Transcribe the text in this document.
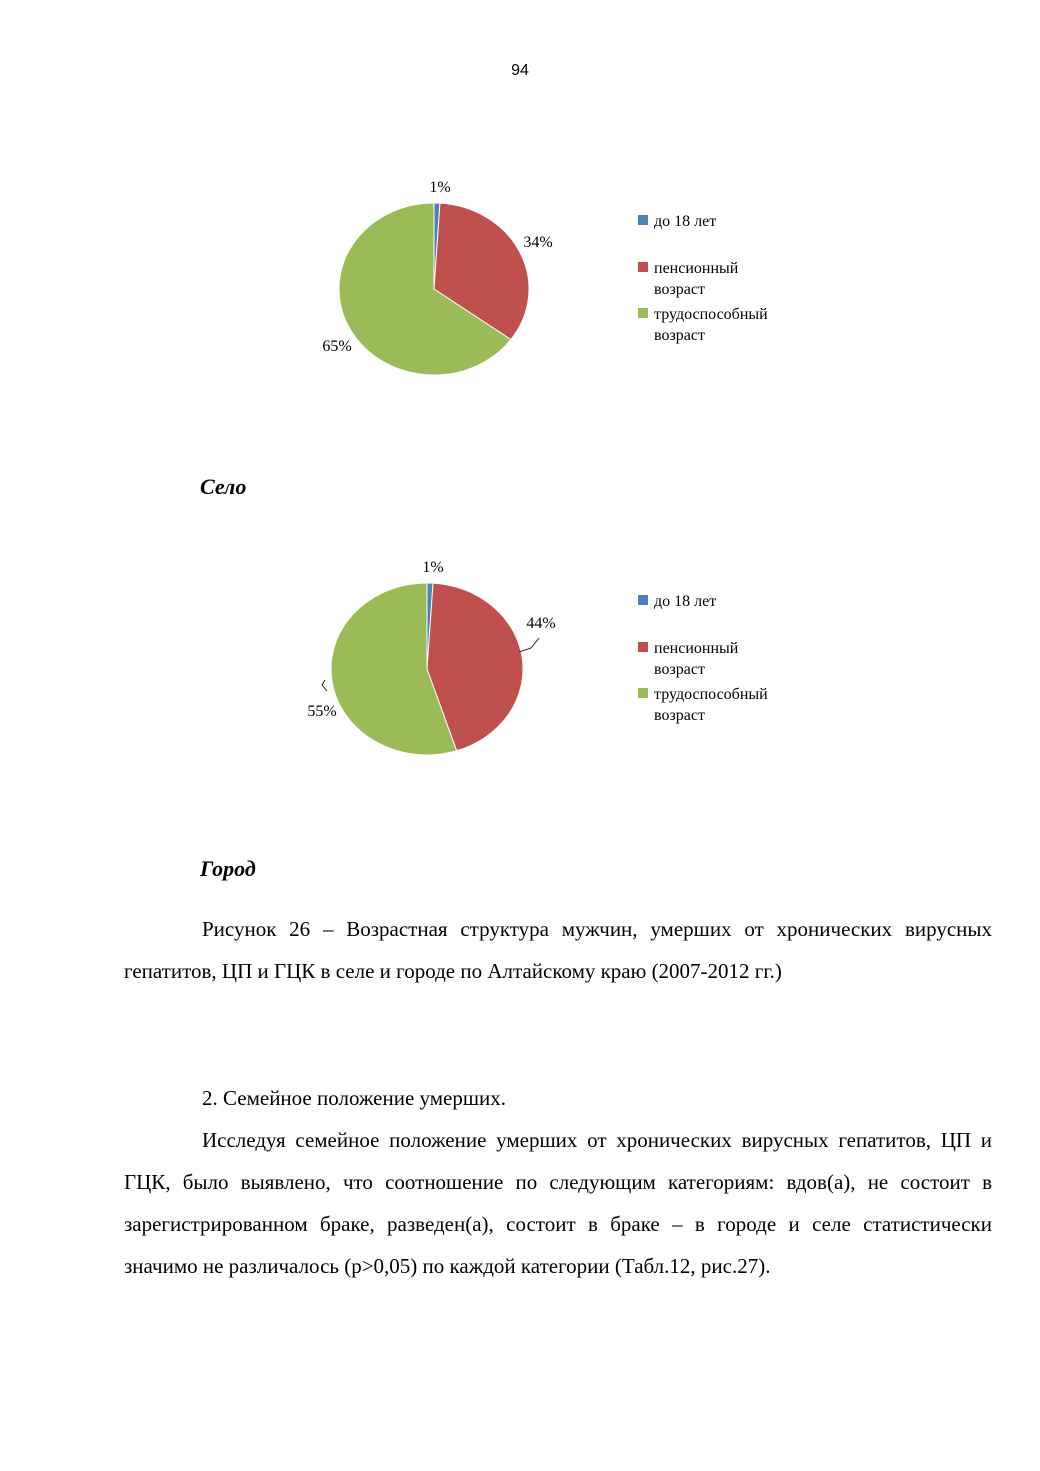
94
1%
34%
65%
до 18 лет
пенсионный
возраст
трудоспособный
возраст
Село
1%
44%
55%
до 18 лет
пенсионный
возраст
трудоспособный
возраст
Город

Рисунок 26 – Возрастная структура мужчин, умерших от хронических вирусных гепатитов, ЦП и ГЦК в селе и городе по Алтайскому краю (2007-2012 гг.)

2. Семейное положение умерших.

Исследуя семейное положение умерших от хронических вирусных гепатитов, ЦП и ГЦК, было выявлено, что соотношение по следующим категориям: вдов(а), не состоит в зарегистрированном браке, разведен(а), состоит в браке – в городе и селе статистически значимо не различалось (p>0,05) по каждой категории (Табл.12, рис.27).
